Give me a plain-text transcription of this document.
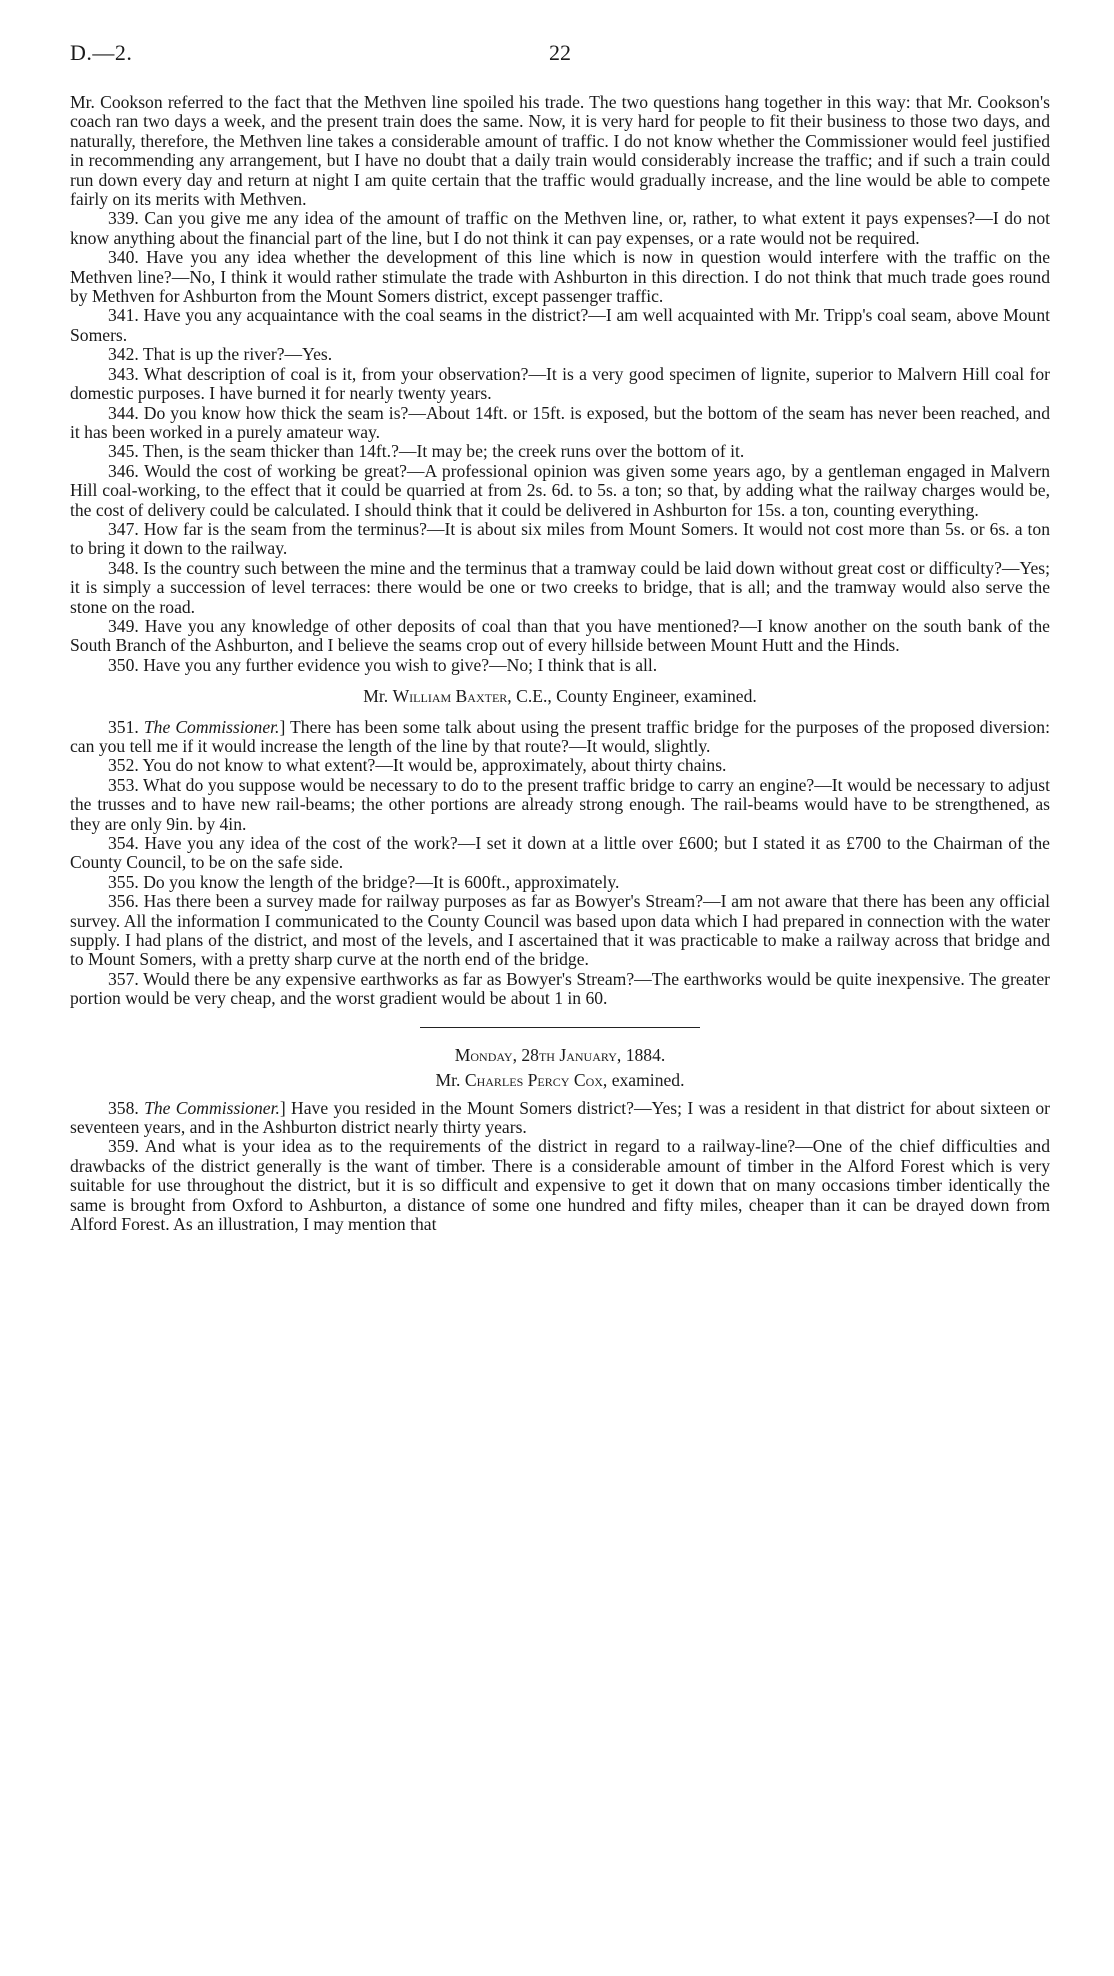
D.—2.	22

Mr. Cookson referred to the fact that the Methven line spoiled his trade. The two questions hang together in this way: that Mr. Cookson's coach ran two days a week, and the present train does the same. Now, it is very hard for people to fit their business to those two days, and naturally, therefore, the Methven line takes a considerable amount of traffic. I do not know whether the Commissioner would feel justified in recommending any arrangement, but I have no doubt that a daily train would considerably increase the traffic; and if such a train could run down every day and return at night I am quite certain that the traffic would gradually increase, and the line would be able to compete fairly on its merits with Methven.

339. Can you give me any idea of the amount of traffic on the Methven line, or, rather, to what extent it pays expenses?—I do not know anything about the financial part of the line, but I do not think it can pay expenses, or a rate would not be required.

340. Have you any idea whether the development of this line which is now in question would interfere with the traffic on the Methven line?—No, I think it would rather stimulate the trade with Ashburton in this direction. I do not think that much trade goes round by Methven for Ashburton from the Mount Somers district, except passenger traffic.

341. Have you any acquaintance with the coal seams in the district?—I am well acquainted with Mr. Tripp's coal seam, above Mount Somers.

342. That is up the river?—Yes.

343. What description of coal is it, from your observation?—It is a very good specimen of lignite, superior to Malvern Hill coal for domestic purposes. I have burned it for nearly twenty years.

344. Do you know how thick the seam is?—About 14ft. or 15ft. is exposed, but the bottom of the seam has never been reached, and it has been worked in a purely amateur way.

345. Then, is the seam thicker than 14ft.?—It may be; the creek runs over the bottom of it.

346. Would the cost of working be great?—A professional opinion was given some years ago, by a gentleman engaged in Malvern Hill coal-working, to the effect that it could be quarried at from 2s. 6d. to 5s. a ton; so that, by adding what the railway charges would be, the cost of delivery could be calculated. I should think that it could be delivered in Ashburton for 15s. a ton, counting everything.

347. How far is the seam from the terminus?—It is about six miles from Mount Somers. It would not cost more than 5s. or 6s. a ton to bring it down to the railway.

348. Is the country such between the mine and the terminus that a tramway could be laid down without great cost or difficulty?—Yes; it is simply a succession of level terraces: there would be one or two creeks to bridge, that is all; and the tramway would also serve the stone on the road.

349. Have you any knowledge of other deposits of coal than that you have mentioned?—I know another on the south bank of the South Branch of the Ashburton, and I believe the seams crop out of every hillside between Mount Hutt and the Hinds.

350. Have you any further evidence you wish to give?—No; I think that is all.

Mr. William Baxter, C.E., County Engineer, examined.

351. The Commissioner.] There has been some talk about using the present traffic bridge for the purposes of the proposed diversion: can you tell me if it would increase the length of the line by that route?—It would, slightly.

352. You do not know to what extent?—It would be, approximately, about thirty chains.

353. What do you suppose would be necessary to do to the present traffic bridge to carry an engine?—It would be necessary to adjust the trusses and to have new rail-beams; the other portions are already strong enough. The rail-beams would have to be strengthened, as they are only 9in. by 4in.

354. Have you any idea of the cost of the work?—I set it down at a little over £600; but I stated it as £700 to the Chairman of the County Council, to be on the safe side.

355. Do you know the length of the bridge?—It is 600ft., approximately.

356. Has there been a survey made for railway purposes as far as Bowyer's Stream?—I am not aware that there has been any official survey. All the information I communicated to the County Council was based upon data which I had prepared in connection with the water supply. I had plans of the district, and most of the levels, and I ascertained that it was practicable to make a railway across that bridge and to Mount Somers, with a pretty sharp curve at the north end of the bridge.

357. Would there be any expensive earthworks as far as Bowyer's Stream?—The earthworks would be quite inexpensive. The greater portion would be very cheap, and the worst gradient would be about 1 in 60.

Monday, 28th January, 1884.

Mr. Charles Percy Cox, examined.

358. The Commissioner.] Have you resided in the Mount Somers district?—Yes; I was a resident in that district for about sixteen or seventeen years, and in the Ashburton district nearly thirty years.

359. And what is your idea as to the requirements of the district in regard to a railway-line?—One of the chief difficulties and drawbacks of the district generally is the want of timber. There is a considerable amount of timber in the Alford Forest which is very suitable for use throughout the district, but it is so difficult and expensive to get it down that on many occasions timber identically the same is brought from Oxford to Ashburton, a distance of some one hundred and fifty miles, cheaper than it can be drayed down from Alford Forest. As an illustration, I may mention that
